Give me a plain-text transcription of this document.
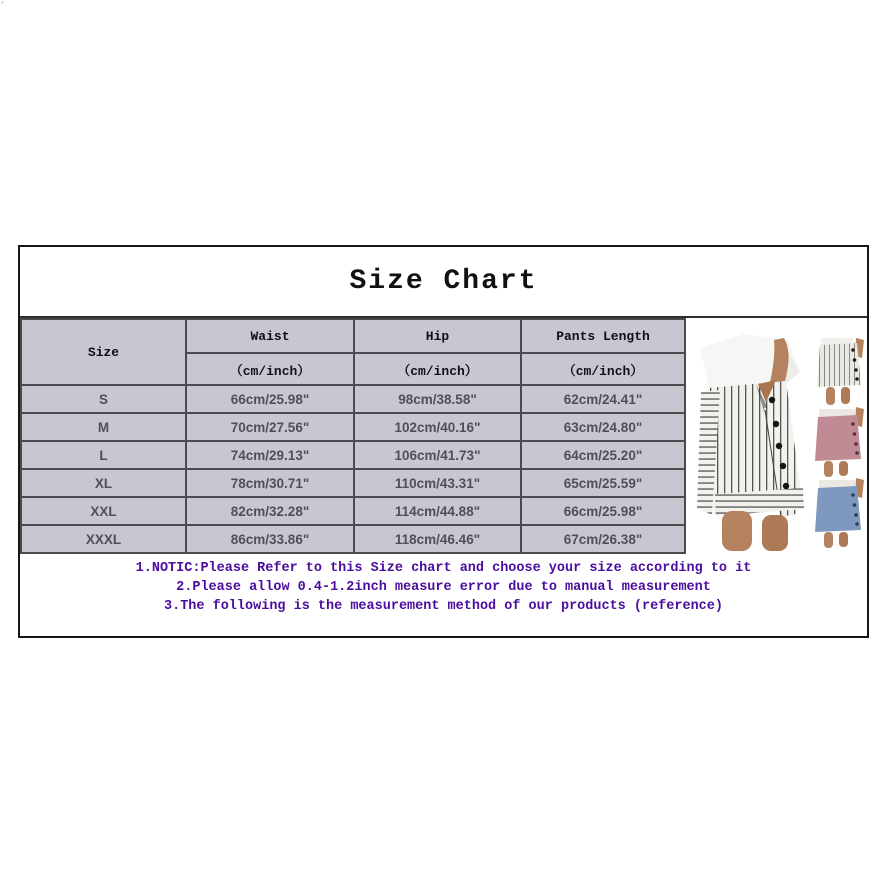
Size Chart
Size	Waist	Hip	Pants Length
	（cm/inch）	（cm/inch）	（cm/inch）
S	66cm/25.98"	98cm/38.58"	62cm/24.41"
M	70cm/27.56"	102cm/40.16"	63cm/24.80"
L	74cm/29.13"	106cm/41.73"	64cm/25.20"
XL	78cm/30.71"	110cm/43.31"	65cm/25.59"
XXL	82cm/32.28"	114cm/44.88"	66cm/25.98"
XXXL	86cm/33.86"	118cm/46.46"	67cm/26.38"

1.NOTIC:Please Refer to this Size chart and choose your size according to it

2.Please allow 0.4-1.2inch measure error due to manual measurement

3.The following is the measurement method of our products (reference)
